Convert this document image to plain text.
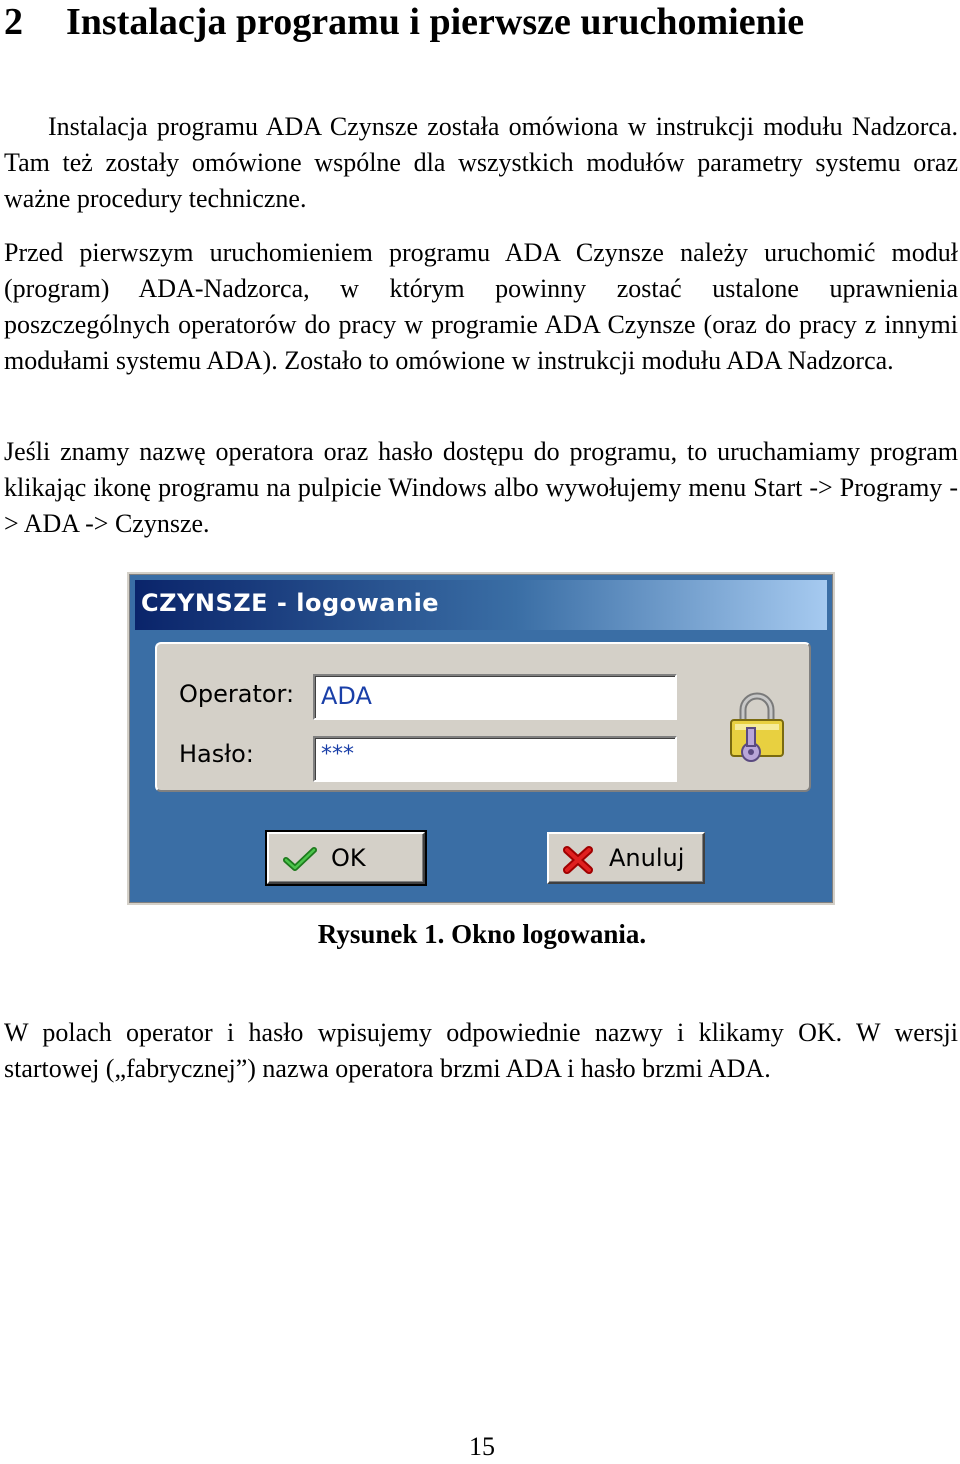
2 Instalacja programu i pierwsze uruchomienie
Instalacja programu ADA Czynsze została omówiona w instrukcji modułu Nadzorca. Tam też zostały omówione wspólne dla wszystkich modułów parametry systemu oraz ważne procedury techniczne.
Przed pierwszym uruchomieniem programu ADA Czynsze należy uruchomić moduł (program) ADA-Nadzorca, w którym powinny zostać ustalone uprawnienia poszczególnych operatorów do pracy w programie ADA Czynsze (oraz do pracy z innymi modułami systemu ADA). Zostało to omówione w instrukcji modułu ADA Nadzorca.
Jeśli znamy nazwę operatora oraz hasło dostępu do programu, to uruchamiamy program klikając ikonę programu na pulpicie Windows albo wywołujemy menu Start -> Programy -> ADA -> Czynsze.
CZYNSZE - logowanie
Operator:	ADA
Hasło:	***
OK	Anuluj
Rysunek 1. Okno logowania.
W polach operator i hasło wpisujemy odpowiednie nazwy i klikamy OK. W wersji startowej („fabrycznej”) nazwa operatora brzmi ADA i hasło brzmi ADA.
15
